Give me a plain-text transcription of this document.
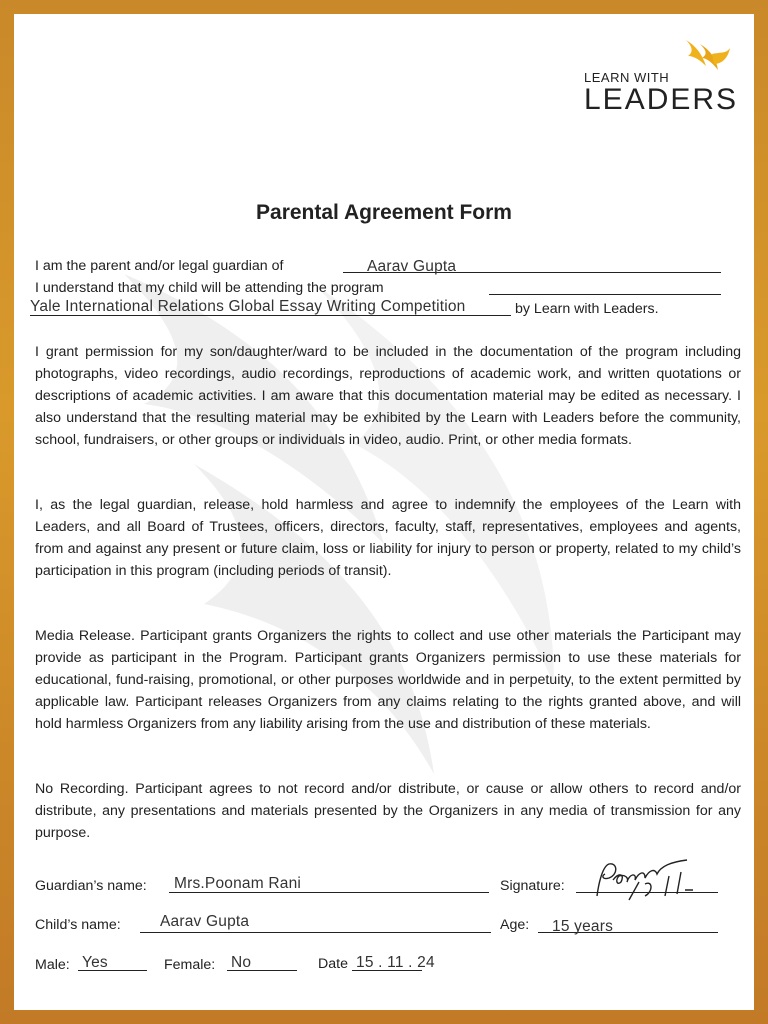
LEARN WITH
LEADERS
Parental Agreement Form
I am the parent and/or legal guardian of	Aarav Gupta
I understand that my child will be attending the program
Yale International Relations Global Essay Writing Competition	by Learn with Leaders.

I grant permission for my son/daughter/ward to be included in the documentation of the program including photographs, video recordings, audio recordings, reproductions of academic work, and written quotations or descriptions of academic activities. I am aware that this documentation material may be edited as necessary. I also understand that the resulting material may be exhibited by the Learn with Leaders before the community, school, fundraisers, or other groups or individuals in video, audio. Print, or other media formats.

I, as the legal guardian, release, hold harmless and agree to indemnify the employees of the Learn with Leaders, and all Board of Trustees, officers, directors, faculty, staff, representatives, employees and agents, from and against any present or future claim, loss or liability for injury to person or property, related to my child’s participation in this program (including periods of transit).

Media Release. Participant grants Organizers the rights to collect and use other materials the Participant may provide as participant in the Program. Participant grants Organizers permission to use these materials for educational, fund-raising, promotional, or other purposes worldwide and in perpetuity, to the extent permitted by applicable law. Participant releases Organizers from any claims relating to the rights granted above, and will hold harmless Organizers from any liability arising from the use and distribution of these materials.

No Recording. Participant agrees to not record and/or distribute, or cause or allow others to record and/or distribute, any presentations and materials presented by the Organizers in any media of transmission for any purpose.

Guardian’s name: Mrs.Poonam Rani	Signature:
Child’s name:	Aarav Gupta	Age: 15 years
Male: Yes	Female: No	Date 15 . 11 . 24
